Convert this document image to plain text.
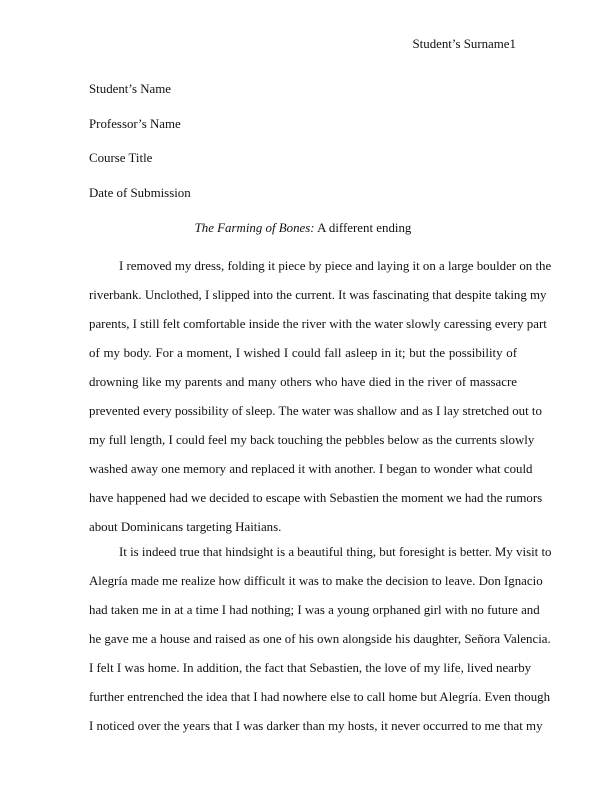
Student’s Surname1
Student’s Name
Professor’s Name
Course Title
Date of Submission
The Farming of Bones: A different ending
I removed my dress, folding it piece by piece and laying it on a large boulder on the
riverbank. Unclothed, I slipped into the current. It was fascinating that despite taking my
parents, I still felt comfortable inside the river with the water slowly caressing every part
of my body. For a moment, I wished I could fall asleep in it; but the possibility of
drowning like my parents and many others who have died in the river of massacre
prevented every possibility of sleep. The water was shallow and as I lay stretched out to
my full length, I could feel my back touching the pebbles below as the currents slowly
washed away one memory and replaced it with another. I began to wonder what could
have happened had we decided to escape with Sebastien the moment we had the rumors
about Dominicans targeting Haitians.
It is indeed true that hindsight is a beautiful thing, but foresight is better. My visit to
Alegría made me realize how difficult it was to make the decision to leave. Don Ignacio
had taken me in at a time I had nothing; I was a young orphaned girl with no future and
he gave me a house and raised as one of his own alongside his daughter, Señora Valencia.
I felt I was home. In addition, the fact that Sebastien, the love of my life, lived nearby
further entrenched the idea that I had nowhere else to call home but Alegría. Even though
I noticed over the years that I was darker than my hosts, it never occurred to me that my
